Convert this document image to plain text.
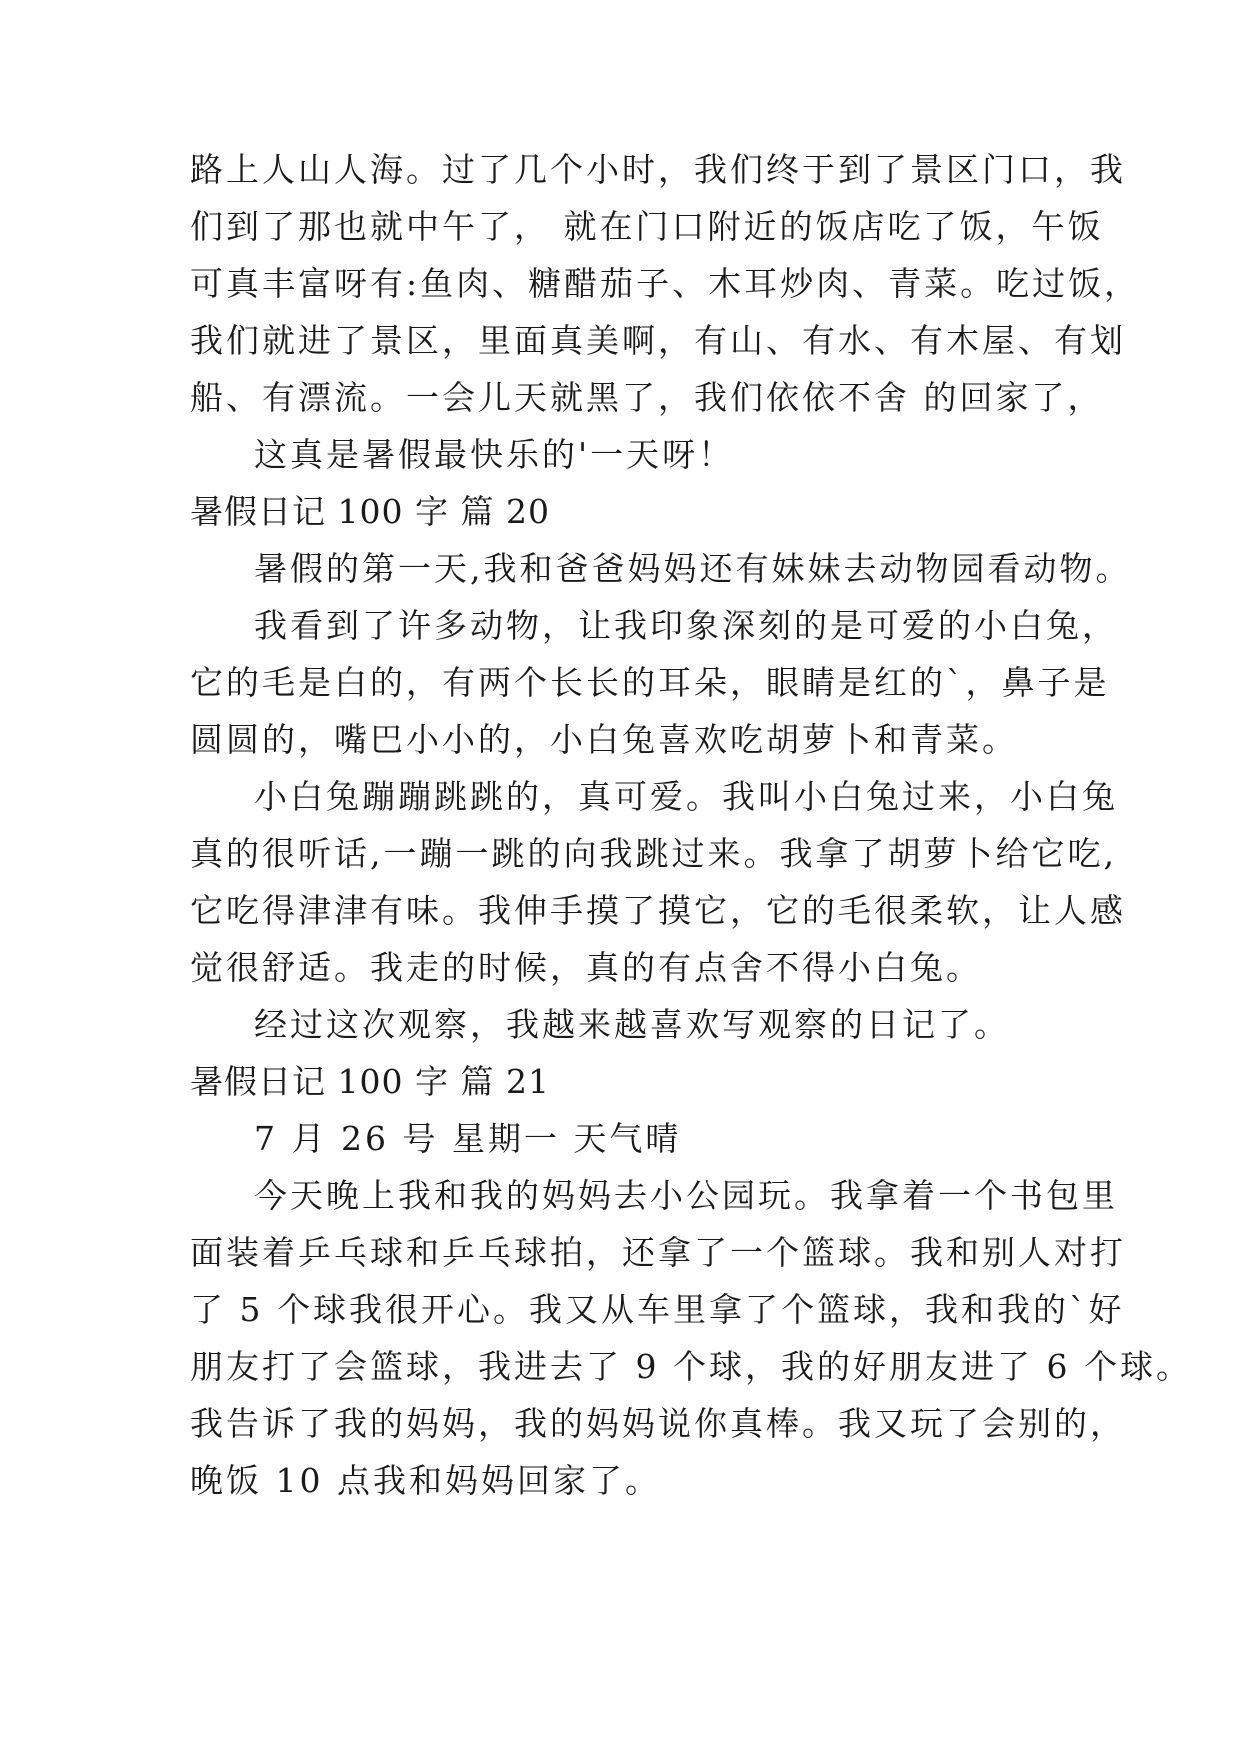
路上人山人海。过了几个小时，我们终于到了景区门口，我
们到了那也就中午了， 就在门口附近的饭店吃了饭，午饭
可真丰富呀有:鱼肉、糖醋茄子、木耳炒肉、青菜。吃过饭，
我们就进了景区，里面真美啊，有山、有水、有木屋、有划
船、有漂流。一会儿天就黑了，我们依依不舍 的回家了，
这真是暑假最快乐的'一天呀！
暑假日记 100 字 篇 20
暑假的第一天,我和爸爸妈妈还有妹妹去动物园看动物。
我看到了许多动物，让我印象深刻的是可爱的小白兔，
它的毛是白的，有两个长长的耳朵，眼睛是红的`，鼻子是
圆圆的，嘴巴小小的，小白兔喜欢吃胡萝卜和青菜。
小白兔蹦蹦跳跳的，真可爱。我叫小白兔过来，小白兔
真的很听话,一蹦一跳的向我跳过来。我拿了胡萝卜给它吃,
它吃得津津有味。我伸手摸了摸它，它的毛很柔软，让人感
觉很舒适。我走的时候，真的有点舍不得小白兔。
经过这次观察，我越来越喜欢写观察的日记了。
暑假日记 100 字 篇 21
7 月 26 号 星期一 天气晴
今天晚上我和我的妈妈去小公园玩。我拿着一个书包里
面装着乒乓球和乒乓球拍，还拿了一个篮球。我和别人对打
了 5 个球我很开心。我又从车里拿了个篮球，我和我的`好
朋友打了会篮球，我进去了 9 个球，我的好朋友进了 6 个球。
我告诉了我的妈妈，我的妈妈说你真棒。我又玩了会别的，
晚饭 10 点我和妈妈回家了。
